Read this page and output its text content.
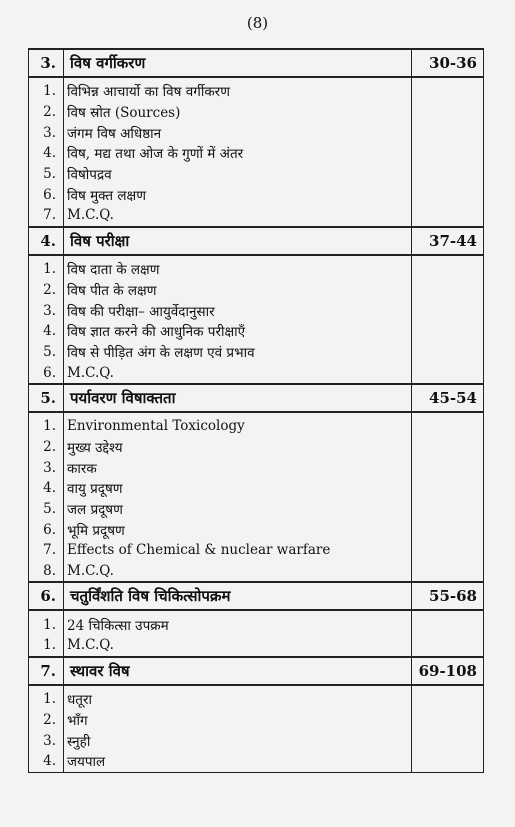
(8)
3.	विष वर्गीकरण	30-36

1.	विभिन्न आचार्यो का विष वर्गीकरण	
2.	विष स्रोत (Sources)	
3.	जंगम विष अधिष्ठान	
4.	विष, मद्य तथा ओज के गुणों में अंतर	
5.	विषोपद्रव	
6.	विष मुक्त लक्षण	
7.	M.C.Q.	
4.	विष परीक्षा	37-44

1.	विष दाता के लक्षण	
2.	विष पीत के लक्षण	
3.	विष की परीक्षा– आयुर्वेदानुसार	
4.	विष ज्ञात करने की आधुनिक परीक्षाएँ	
5.	विष से पीड़ित अंग के लक्षण एवं प्रभाव	
6.	M.C.Q.	
5.	पर्यावरण विषाक्तता	45-54

1.	Environmental Toxicology	
2.	मुख्य उद्देश्य	
3.	कारक	
4.	वायु प्रदूषण	
5.	जल प्रदूषण	
6.	भूमि प्रदूषण	
7.	Effects of Chemical & nuclear warfare	
8.	M.C.Q.	
6.	चतुर्विंशति विष चिकित्सोपक्रम	55-68

1.	24 चिकित्सा उपक्रम	
1.	M.C.Q.	
7.	स्थावर विष	69-108

1.	धतूरा	
2.	भाँग	
3.	स्नुही	
4.	जयपाल	
